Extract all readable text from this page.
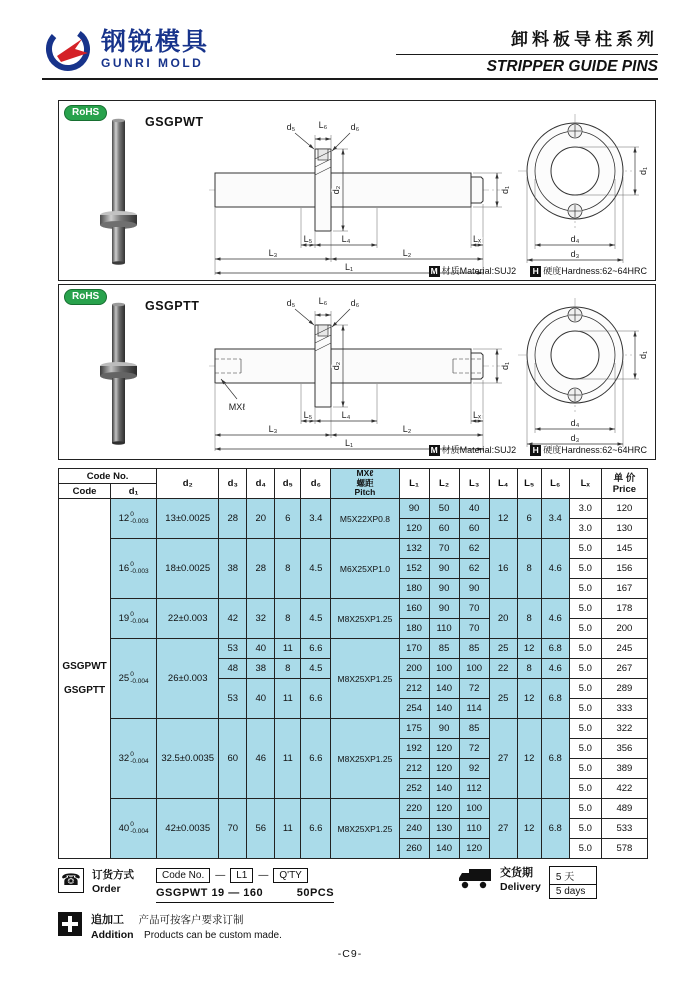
钢锐模具
GUNRI MOLD
卸料板导柱系列
STRIPPER GUIDE PINS
RoHS
GSGPWT	d₅	L₆	d₆
d₂	d₁
L₅	L₄	Lₓ
L₃	L₂
L₁
d₁
d₄
d₃
M 材质Material:SUJ2 H 硬度Hardness:62~64HRC
RoHS
GSGPTT	d₅	L₆	d₆
d₂	d₁
MXℓ
L₅	L₄	Lₓ
L₃	L₂
L₁
d₁
d₄
d₃
M 材质Material:SUJ2 H 硬度Hardness:62~64HRC
Code No.	d₂	d₃	d₄	d₅	d₆	
MXℓ
螺距
Pitch
	L₁	L₂	L₃	L₄	L₅	L₆	Lₓ	单 价
Price

Code	d₁														

GSGPWT
GSGPTT
	12 0
-0.003	13±0.0025	28	20	6	3.4	M5X22XP0.8	90	50	40	12	6	3.4	3.0	120
								120	60	60				3.0	130
	16 0
-0.003	18±0.0025	38	28	8	4.5	M6X25XP1.0	132	70	62	16	8	4.6	5.0	145
								152	90	62				5.0	156
								180	90	90				5.0	167
	19 0
-0.004	22±0.003	42	32	8	4.5	M8X25XP1.25	160	90	70	20	8	4.6	5.0	178
								180	110	70				5.0	200
	25 0
-0.004	26±0.003	53	40	11	6.6	M8X25XP1.25	170	85	85	25	12	6.8	5.0	245
			48	38	8	4.5		200	100	100	22	8	4.6	5.0	267
			53	40	11	6.6		212	140	72	25	12	6.8	5.0	289
								254	140	114				5.0	333
	32 0
-0.004	32.5±0.0035	60	46	11	6.6	M8X25XP1.25	175	90	85	27	12	6.8	5.0	322
								192	120	72				5.0	356
								212	120	92				5.0	389
								252	140	112				5.0	422
	40 0
-0.004	42±0.0035	70	56	11	6.6	M8X25XP1.25	220	120	100	27	12	6.8	5.0	489
								240	130	110				5.0	533
								260	140	120				5.0	578
☎ 订货方式
Order
Code No.	—	L1	—	Q'TY
GSGPWT 19 — 160	50PCS
交货期
Delivery
5 天
5 days
追加工 产品可按客户要求订制
Addition Products can be custom made.
-C9-
